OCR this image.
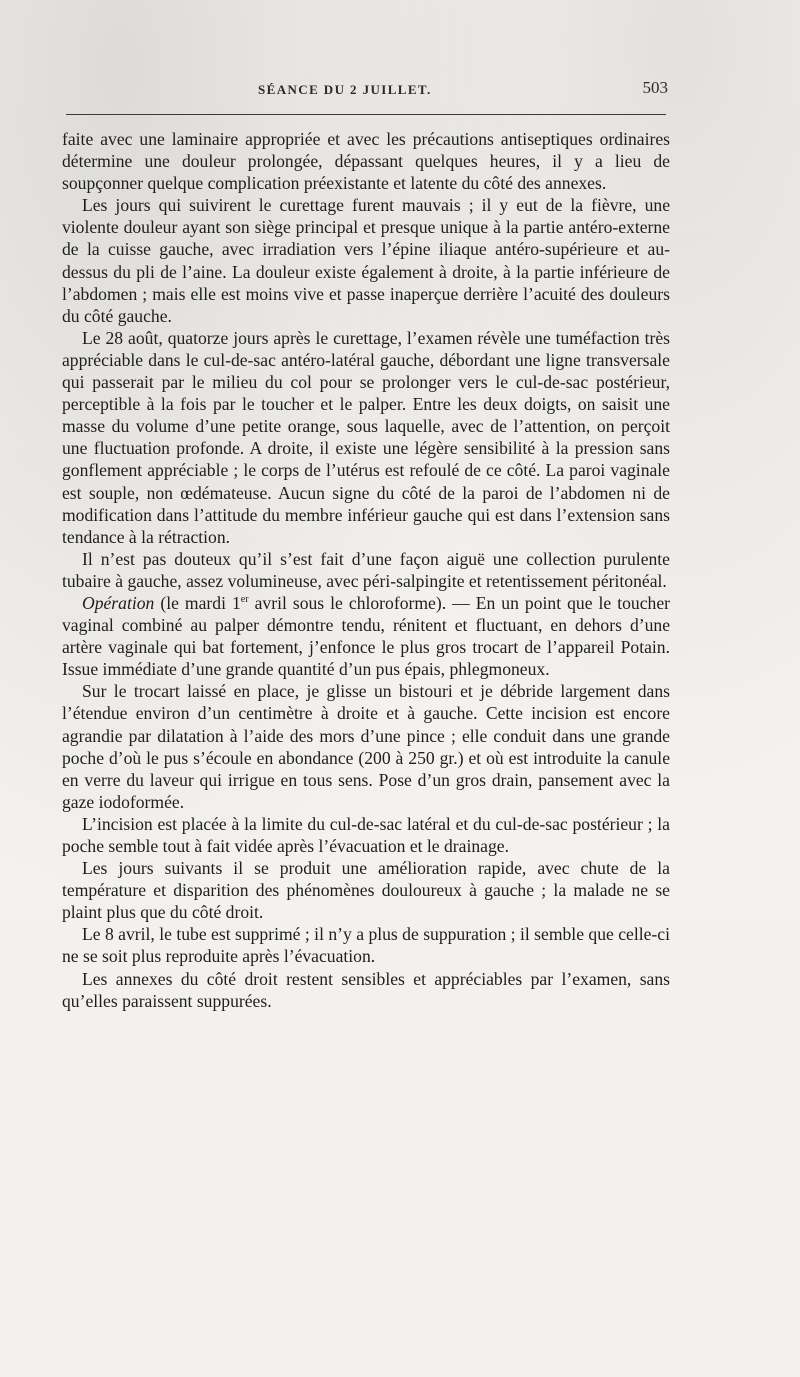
SÉANCE DU 2 JUILLET.	503

faite avec une laminaire appropriée et avec les précautions antiseptiques ordinaires détermine une douleur prolongée, dépassant quelques heures, il y a lieu de soupçonner quelque complication préexistante et latente du côté des annexes.

Les jours qui suivirent le curettage furent mauvais ; il y eut de la fièvre, une violente douleur ayant son siège principal et presque unique à la partie antéro-externe de la cuisse gauche, avec irradiation vers l’épine iliaque antéro-supérieure et au-dessus du pli de l’aine. La douleur existe également à droite, à la partie inférieure de l’abdomen ; mais elle est moins vive et passe inaperçue derrière l’acuité des douleurs du côté gauche.

Le 28 août, quatorze jours après le curettage, l’examen révèle une tuméfaction très appréciable dans le cul-de-sac antéro-latéral gauche, débordant une ligne transversale qui passerait par le milieu du col pour se prolonger vers le cul-de-sac postérieur, perceptible à la fois par le toucher et le palper. Entre les deux doigts, on saisit une masse du volume d’une petite orange, sous laquelle, avec de l’attention, on perçoit une fluctuation profonde. A droite, il existe une légère sensibilité à la pression sans gonflement appréciable ; le corps de l’utérus est refoulé de ce côté. La paroi vaginale est souple, non œdémateuse. Aucun signe du côté de la paroi de l’abdomen ni de modification dans l’attitude du membre inférieur gauche qui est dans l’extension sans tendance à la rétraction.

Il n’est pas douteux qu’il s’est fait d’une façon aiguë une collection purulente tubaire à gauche, assez volumineuse, avec péri-salpingite et retentissement péritonéal.

Opération (le mardi 1er avril sous le chloroforme). — En un point que le toucher vaginal combiné au palper démontre tendu, rénitent et fluctuant, en dehors d’une artère vaginale qui bat fortement, j’enfonce le plus gros trocart de l’appareil Potain. Issue immédiate d’une grande quantité d’un pus épais, phlegmoneux.

Sur le trocart laissé en place, je glisse un bistouri et je débride largement dans l’étendue environ d’un centimètre à droite et à gauche. Cette incision est encore agrandie par dilatation à l’aide des mors d’une pince ; elle conduit dans une grande poche d’où le pus s’écoule en abondance (200 à 250 gr.) et où est introduite la canule en verre du laveur qui irrigue en tous sens. Pose d’un gros drain, pansement avec la gaze iodoformée.

L’incision est placée à la limite du cul-de-sac latéral et du cul-de-sac postérieur ; la poche semble tout à fait vidée après l’évacuation et le drainage.

Les jours suivants il se produit une amélioration rapide, avec chute de la température et disparition des phénomènes douloureux à gauche ; la malade ne se plaint plus que du côté droit.

Le 8 avril, le tube est supprimé ; il n’y a plus de suppuration ; il semble que celle-ci ne se soit plus reproduite après l’évacuation.

Les annexes du côté droit restent sensibles et appréciables par l’examen, sans qu’elles paraissent suppurées.
